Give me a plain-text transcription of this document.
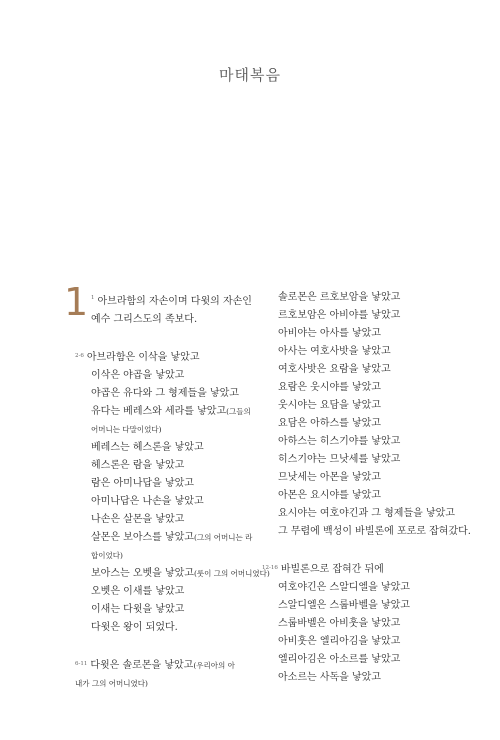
마태복음
1 $^1$ 아브라함의 자손이며 다윗의 자손인
예수 그리스도의 족보다.
$^{2-6}$ 아브라함은 이삭을 낳았고
이삭은 야곱을 낳았고
야곱은 유다와 그 형제들을 낳았고
유다는 베레스와 세라를 낳았고(그들의 어머니는 다말이었다)
베레스는 헤스론을 낳았고
헤스론은 람을 낳았고
람은 아미나답을 낳았고
아미나답은 나손을 낳았고
나손은 살몬을 낳았고
살몬은 보아스를 낳았고(그의 어머니는 라합이었다)
보아스는 오벳을 낳았고(룻이 그의 어머니였다)
오벳은 이새를 낳았고
이새는 다윗을 낳았고
다윗은 왕이 되었다.
$^{6-11}$ 다윗은 솔로몬을 낳았고(우리아의 아내가 그의 어머니였다)
솔로몬은 르호보암을 낳았고
르호보암은 아비야를 낳았고
아비야는 아사를 낳았고
아사는 여호사밧을 낳았고
여호사밧은 요람을 낳았고
요람은 웃시야를 낳았고
웃시야는 요담을 낳았고
요담은 아하스를 낳았고
아하스는 히스기야를 낳았고
히스기야는 므낫세를 낳았고
므낫세는 아몬을 낳았고
아몬은 요시야를 낳았고
요시야는 여호야긴과 그 형제들을 낳았고
그 무렵에 백성이 바빌론에 포로로 잡혀갔다.
$^{12-16}$ 바빌론으로 잡혀간 뒤에
여호야긴은 스알디엘을 낳았고
스알디엘은 스룹바벨을 낳았고
스룹바벨은 아비훗을 낳았고
아비훗은 엘리아김을 낳았고
엘리아김은 아소르를 낳았고
아소르는 사독을 낳았고
